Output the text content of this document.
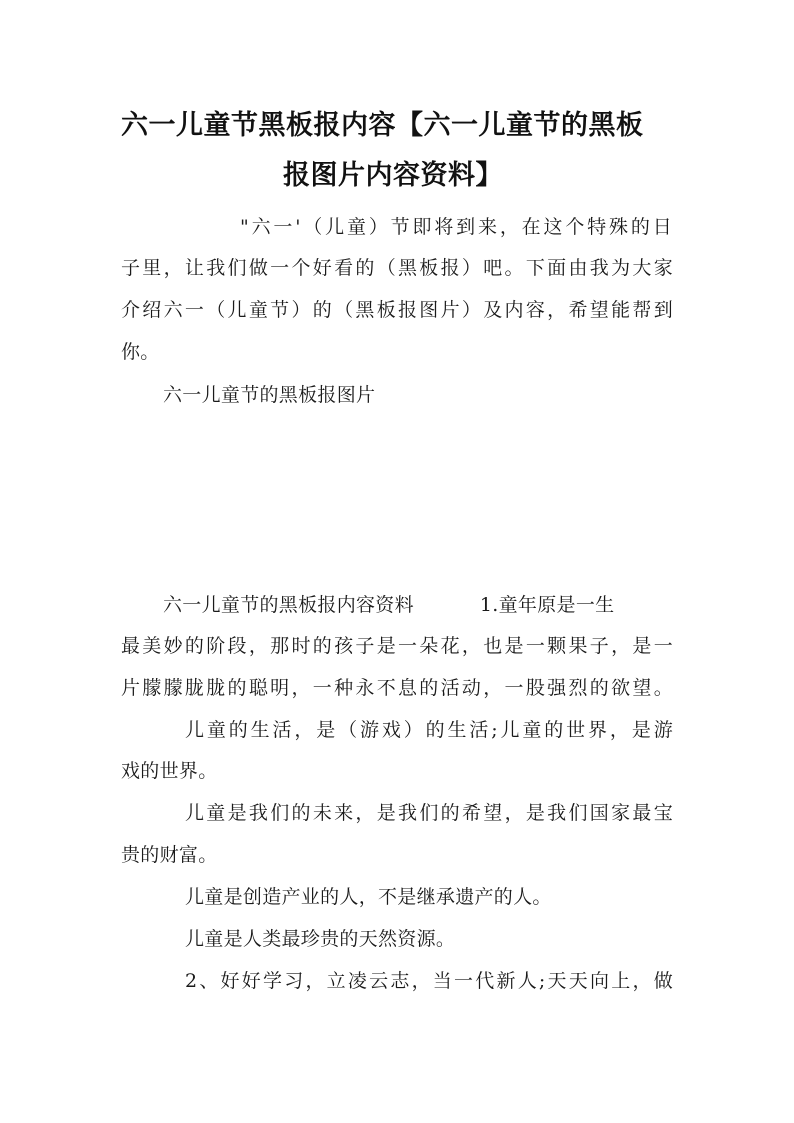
六一儿童节黑板报内容【六一儿童节的黑板
报图片内容资料】
"六一'（儿童）节即将到来，在这个特殊的日
子里，让我们做一个好看的（黑板报）吧。下面由我为大家
介绍六一（儿童节）的（黑板报图片）及内容，希望能帮到
你。
六一儿童节的黑板报图片
六一儿童节的黑板报内容资料	1.童年原是一生
最美妙的阶段，那时的孩子是一朵花，也是一颗果子，是一
片朦朦胧胧的聪明，一种永不息的活动，一股强烈的欲望。
儿童的生活，是（游戏）的生活;儿童的世界，是游
戏的世界。
儿童是我们的未来，是我们的希望，是我们国家最宝
贵的财富。
儿童是创造产业的人，不是继承遗产的人。
儿童是人类最珍贵的天然资源。
2、好好学习，立凌云志，当一代新人;天天向上，做
